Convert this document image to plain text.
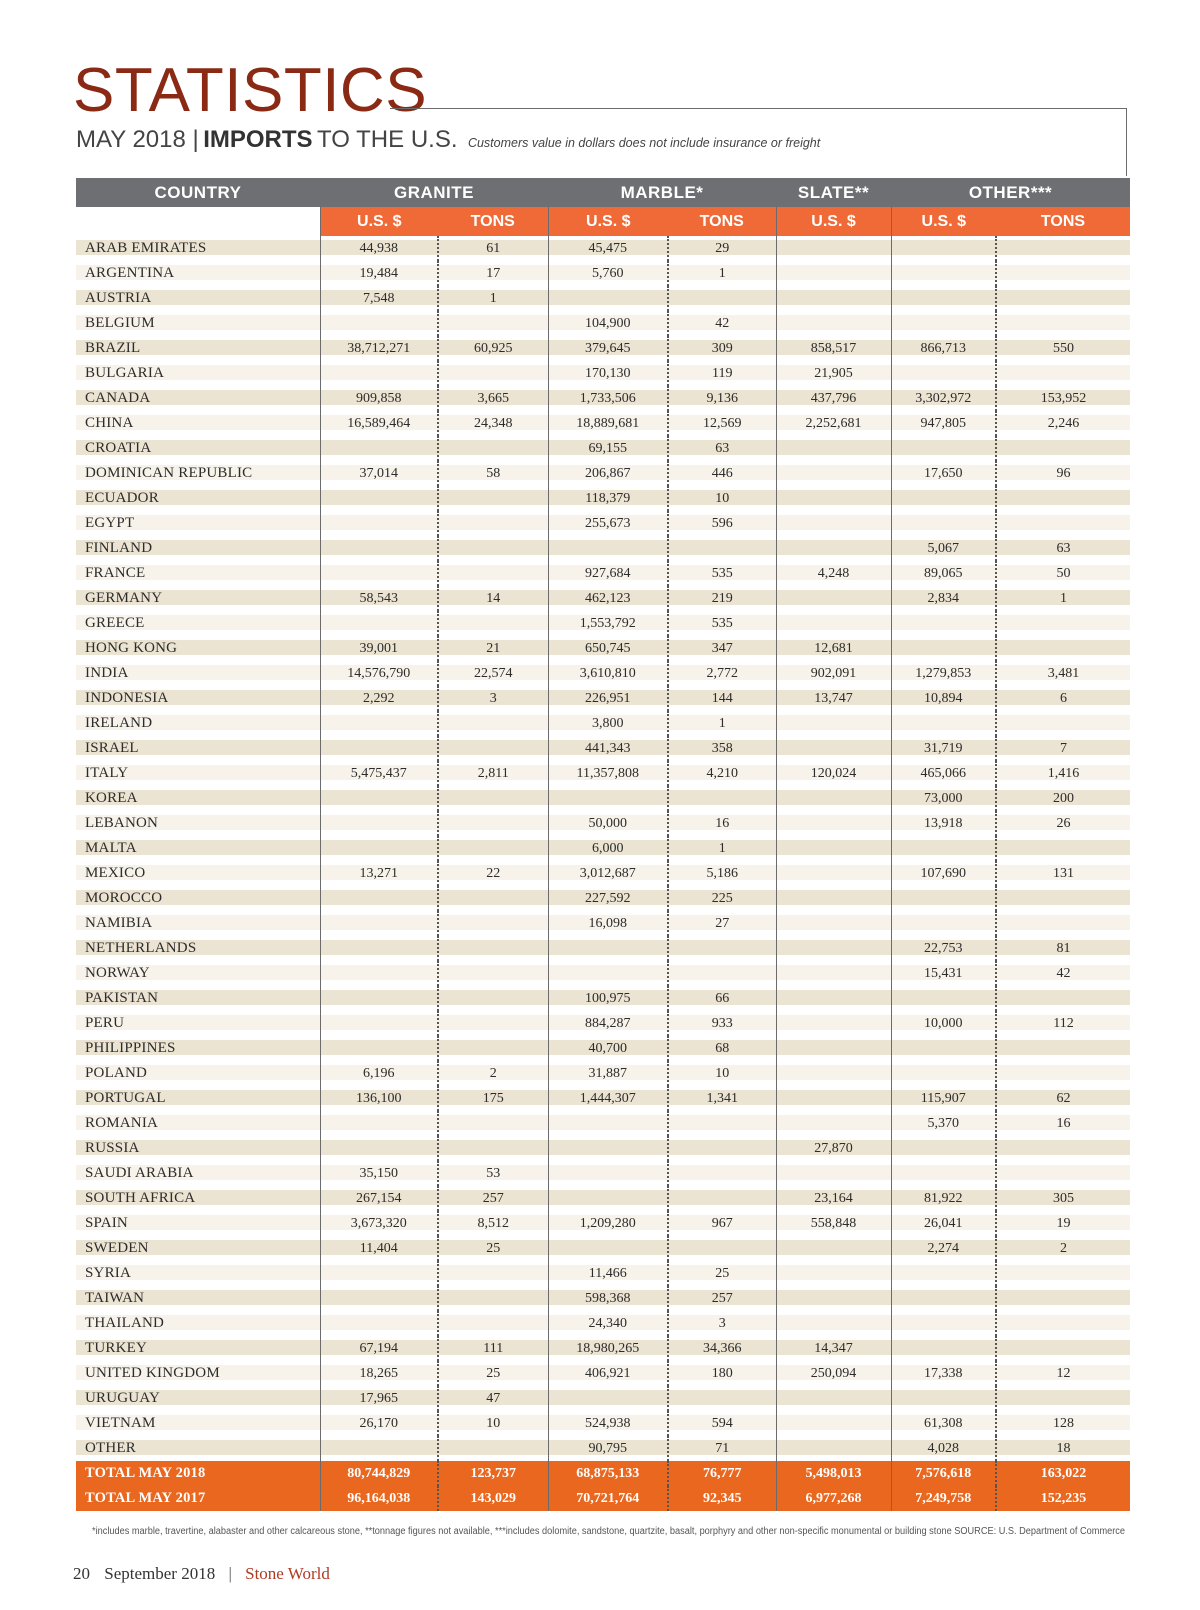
STATISTICS
MAY 2018 | IMPORTS TO THE U.S. Customers value in dollars does not include insurance or freight
COUNTRY	GRANITE		MARBLE*		SLATE**	OTHER***	
	U.S. $	TONS	U.S. $	TONS	U.S. $	U.S. $	TONS
ARAB EMIRATES	44,938	61	45,475	29			
ARGENTINA	19,484	17	5,760	1			
AUSTRIA	7,548	1					
BELGIUM			104,900	42			
BRAZIL	38,712,271	60,925	379,645	309	858,517	866,713	550
BULGARIA			170,130	119	21,905		
CANADA	909,858	3,665	1,733,506	9,136	437,796	3,302,972	153,952
CHINA	16,589,464	24,348	18,889,681	12,569	2,252,681	947,805	2,246
CROATIA			69,155	63			
DOMINICAN REPUBLIC	37,014	58	206,867	446		17,650	96
ECUADOR			118,379	10			
EGYPT			255,673	596			
FINLAND						5,067	63
FRANCE			927,684	535	4,248	89,065	50
GERMANY	58,543	14	462,123	219		2,834	1
GREECE			1,553,792	535			
HONG KONG	39,001	21	650,745	347	12,681		
INDIA	14,576,790	22,574	3,610,810	2,772	902,091	1,279,853	3,481
INDONESIA	2,292	3	226,951	144	13,747	10,894	6
IRELAND			3,800	1			
ISRAEL			441,343	358		31,719	7
ITALY	5,475,437	2,811	11,357,808	4,210	120,024	465,066	1,416
KOREA						73,000	200
LEBANON			50,000	16		13,918	26
MALTA			6,000	1			
MEXICO	13,271	22	3,012,687	5,186		107,690	131
MOROCCO			227,592	225			
NAMIBIA			16,098	27			
NETHERLANDS						22,753	81
NORWAY						15,431	42
PAKISTAN			100,975	66			
PERU			884,287	933		10,000	112
PHILIPPINES			40,700	68			
POLAND	6,196	2	31,887	10			
PORTUGAL	136,100	175	1,444,307	1,341		115,907	62
ROMANIA						5,370	16
RUSSIA					27,870		
SAUDI ARABIA	35,150	53					
SOUTH AFRICA	267,154	257			23,164	81,922	305
SPAIN	3,673,320	8,512	1,209,280	967	558,848	26,041	19
SWEDEN	11,404	25				2,274	2
SYRIA			11,466	25			
TAIWAN			598,368	257			
THAILAND			24,340	3			
TURKEY	67,194	111	18,980,265	34,366	14,347		
UNITED KINGDOM	18,265	25	406,921	180	250,094	17,338	12
URUGUAY	17,965	47					
VIETNAM	26,170	10	524,938	594		61,308	128
OTHER			90,795	71		4,028	18
TOTAL MAY 2018	80,744,829	123,737	68,875,133	76,777	5,498,013	7,576,618	163,022
TOTAL MAY 2017	96,164,038	143,029	70,721,764	92,345	6,977,268	7,249,758	152,235
*includes marble, travertine, alabaster and other calcareous stone, **tonnage figures not available, ***includes dolomite, sandstone, quartzite, basalt, porphyry and other non-specific monumental or building stone SOURCE: U.S. Department of Commerce
20 September 2018 | Stone World
